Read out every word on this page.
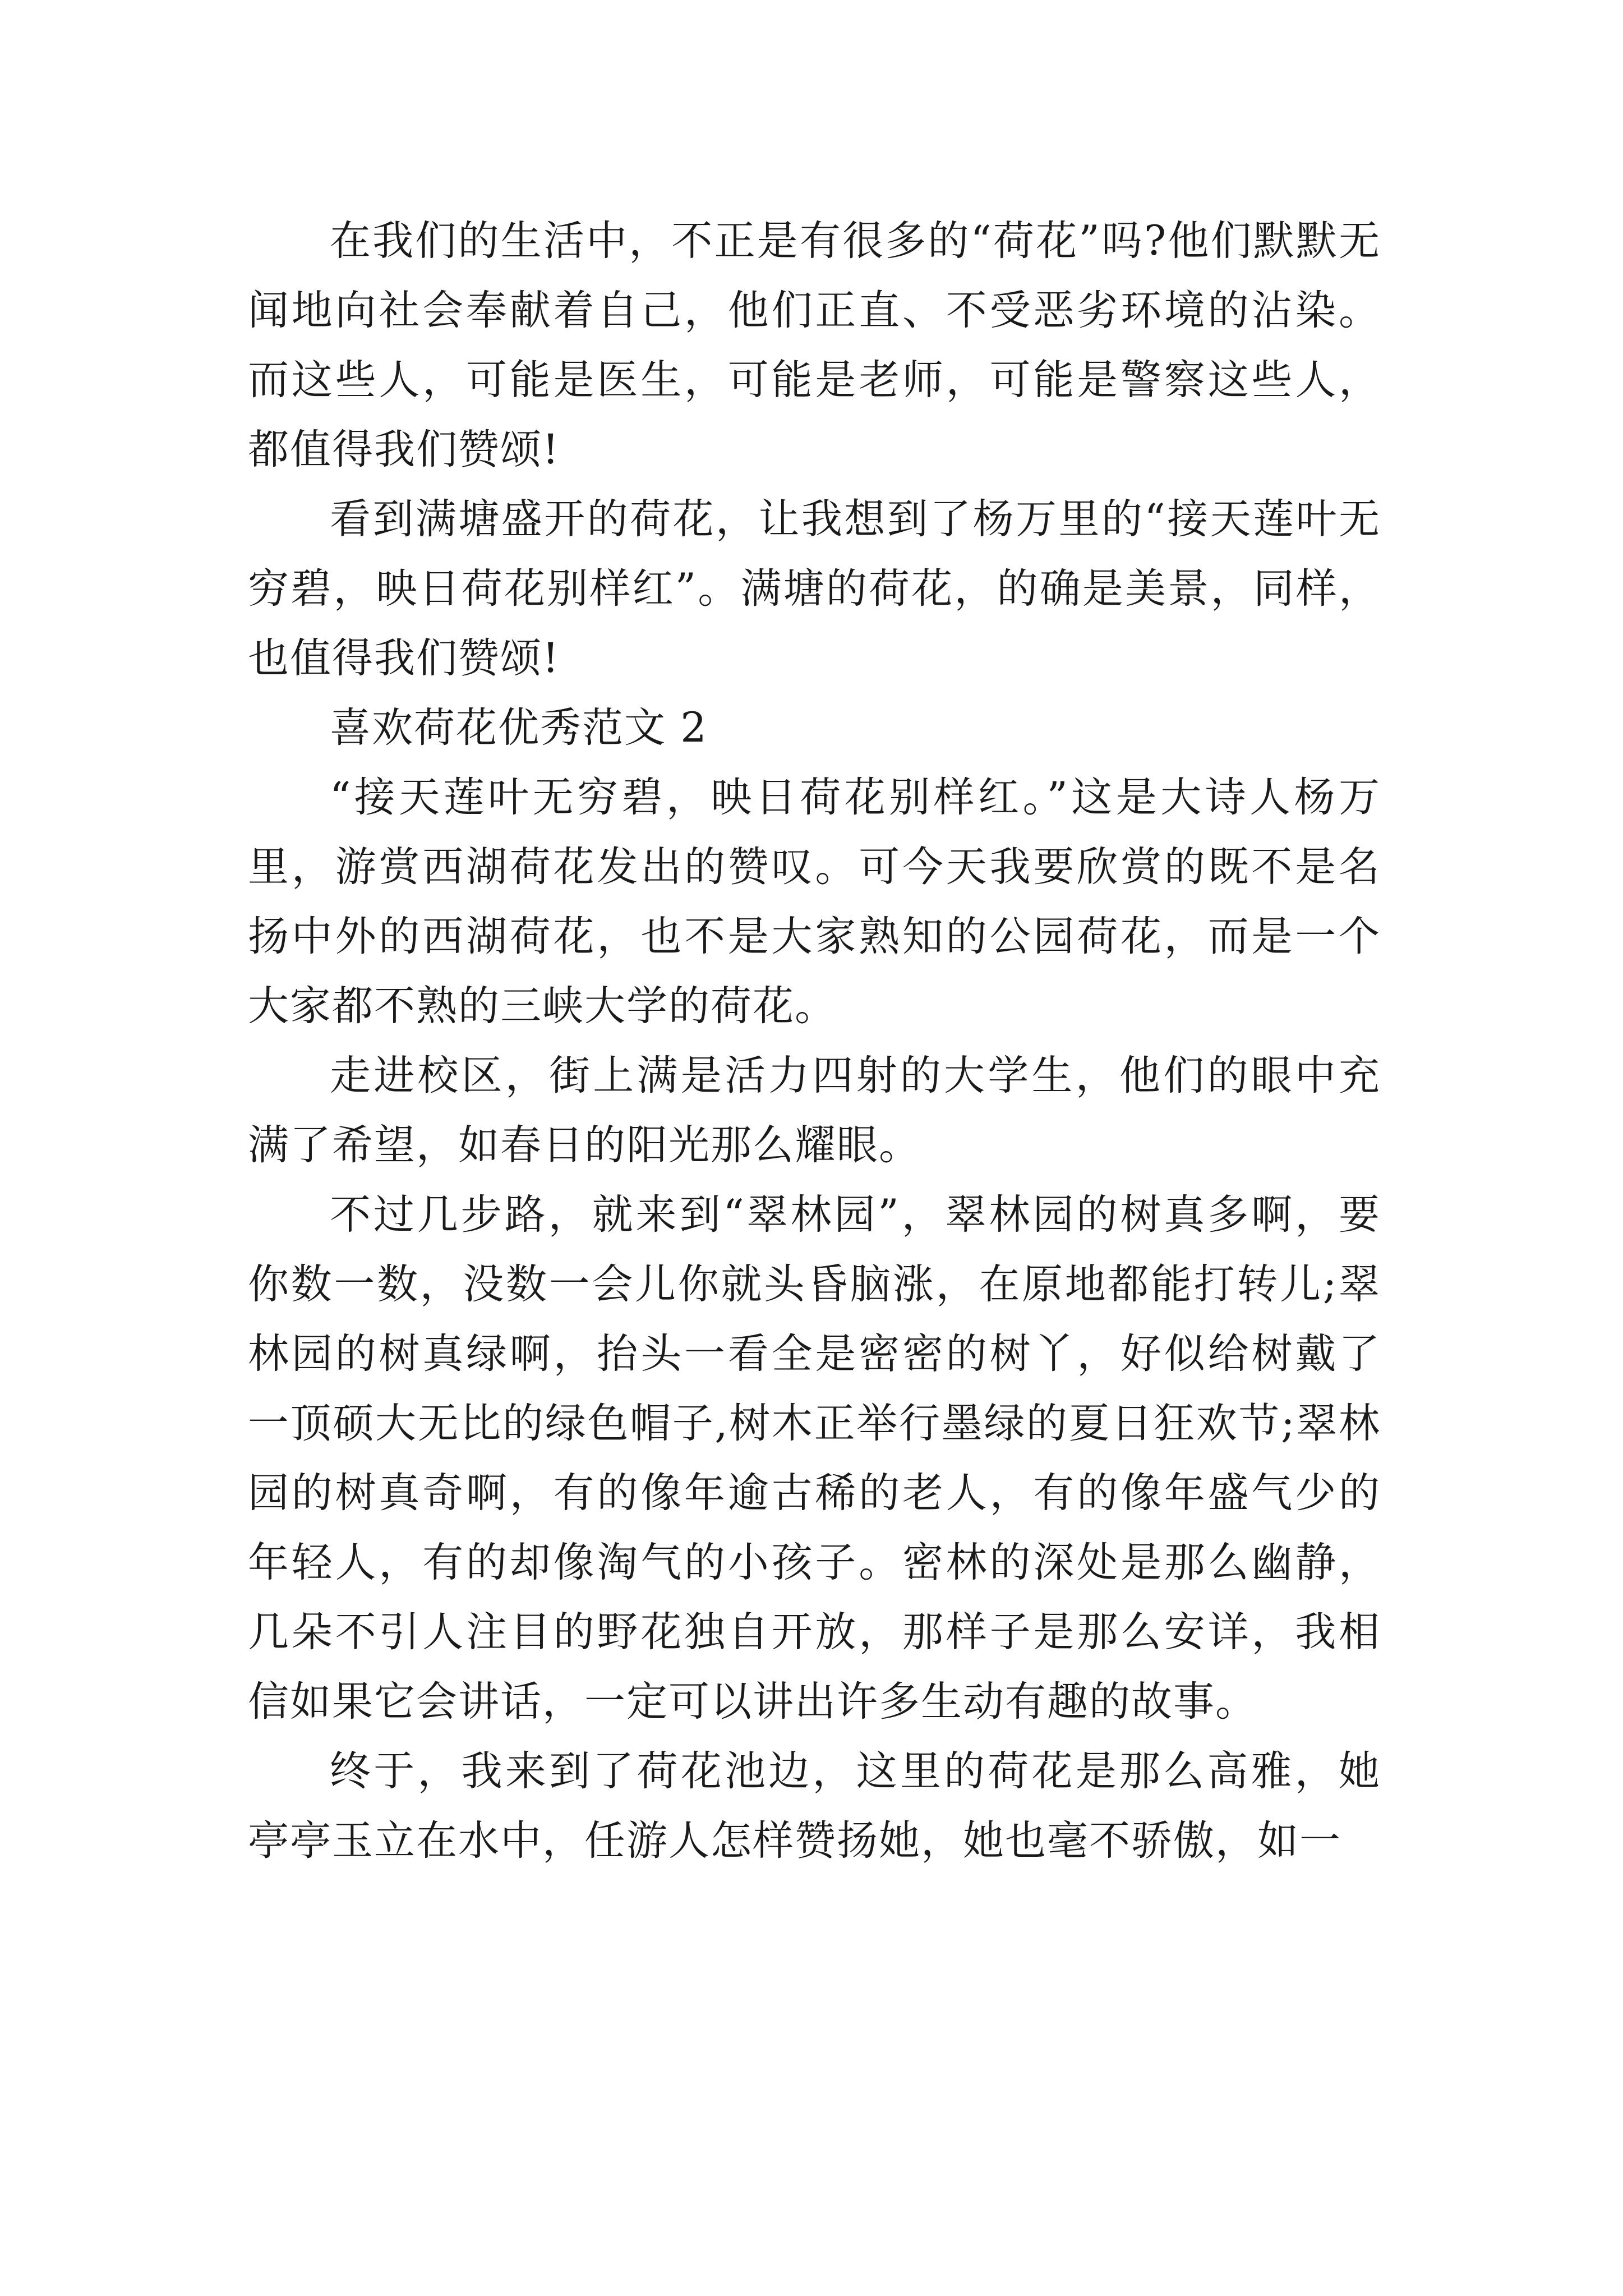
在我们的生活中，不正是有很多的“荷花”吗?他们默默无闻地向社会奉献着自己，他们正直、不受恶劣环境的沾染。而这些人，可能是医生，可能是老师，可能是警察这些人，都值得我们赞颂!

看到满塘盛开的荷花，让我想到了杨万里的“接天莲叶无穷碧，映日荷花别样红”。满塘的荷花，的确是美景，同样，也值得我们赞颂!

喜欢荷花优秀范文 2

“接天莲叶无穷碧，映日荷花别样红。”这是大诗人杨万里，游赏西湖荷花发出的赞叹。可今天我要欣赏的既不是名扬中外的西湖荷花，也不是大家熟知的公园荷花，而是一个大家都不熟的三峡大学的荷花。

走进校区，街上满是活力四射的大学生，他们的眼中充满了希望，如春日的阳光那么耀眼。

不过几步路，就来到“翠林园”，翠林园的树真多啊，要你数一数，没数一会儿你就头昏脑涨，在原地都能打转儿;翠林园的树真绿啊，抬头一看全是密密的树丫，好似给树戴了一顶硕大无比的绿色帽子,树木正举行墨绿的夏日狂欢节;翠林园的树真奇啊，有的像年逾古稀的老人，有的像年盛气少的年轻人，有的却像淘气的小孩子。密林的深处是那么幽静，几朵不引人注目的野花独自开放，那样子是那么安详，我相信如果它会讲话，一定可以讲出许多生动有趣的故事。

终于，我来到了荷花池边，这里的荷花是那么高雅，她亭亭玉立在水中，任游人怎样赞扬她，她也毫不骄傲，如一
